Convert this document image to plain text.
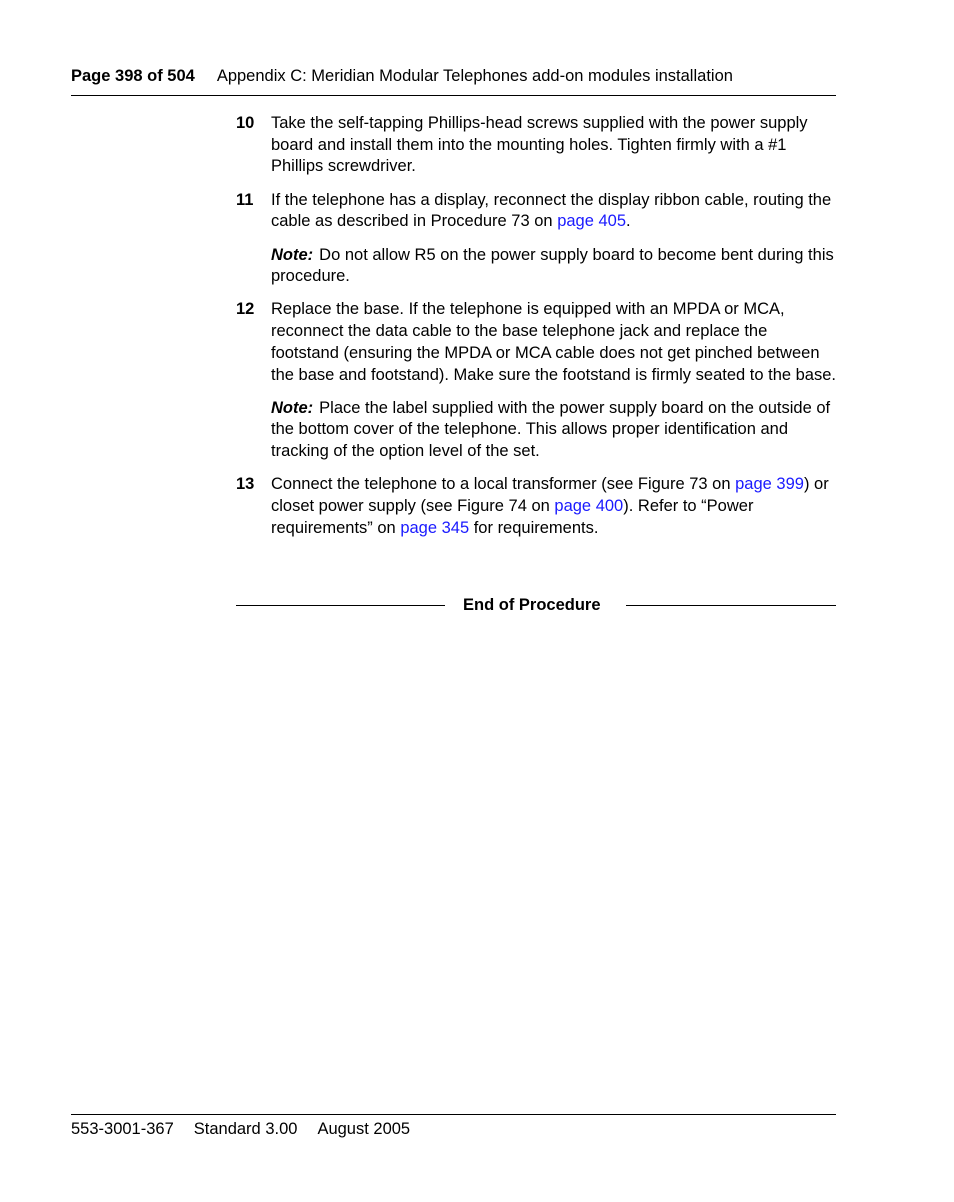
Page 398 of 504 Appendix C: Meridian Modular Telephones add-on modules installation
10 Take the self-tapping Phillips-head screws supplied with the power supply board and install them into the mounting holes. Tighten firmly with a #1 Phillips screwdriver.

11 If the telephone has a display, reconnect the display ribbon cable, routing the cable as described in Procedure 73 on page 405.

Note: Do not allow R5 on the power supply board to become bent during this procedure.

12 Replace the base. If the telephone is equipped with an MPDA or MCA, reconnect the data cable to the base telephone jack and replace the footstand (ensuring the MPDA or MCA cable does not get pinched between the base and footstand). Make sure the footstand is firmly seated to the base.

Note: Place the label supplied with the power supply board on the outside of the bottom cover of the telephone. This allows proper identification and tracking of the option level of the set.

13 Connect the telephone to a local transformer (see Figure 73 on page 399) or closet power supply (see Figure 74 on page 400). Refer to “Power requirements” on page 345 for requirements.

End of Procedure
553-3001-367 Standard 3.00 August 2005
